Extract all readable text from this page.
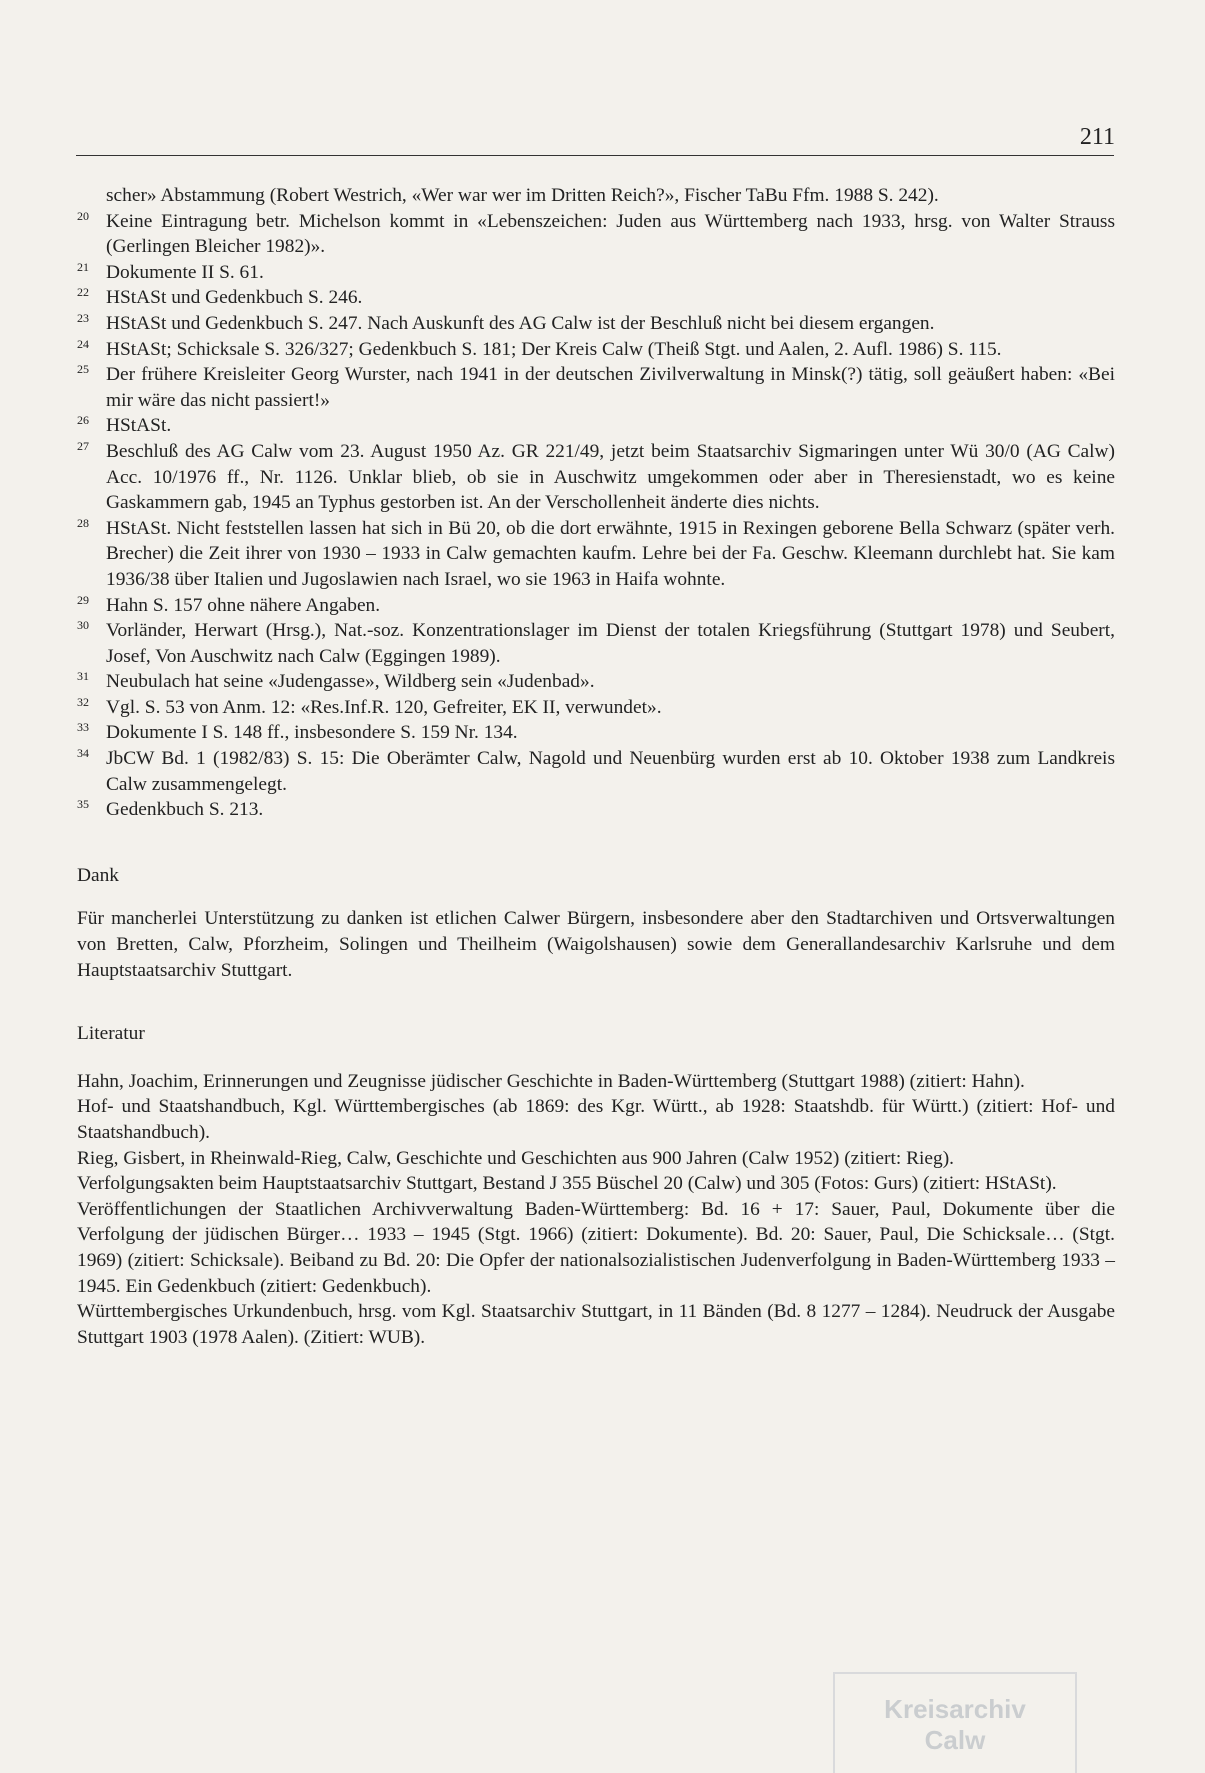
211
scher» Abstammung (Robert Westrich, «Wer war wer im Dritten Reich?», Fischer TaBu Ffm. 1988 S. 242).
20 Keine Eintragung betr. Michelson kommt in «Lebenszeichen: Juden aus Württemberg nach 1933, hrsg. von Walter Strauss (Gerlingen Bleicher 1982)».
21 Dokumente II S. 61.
22 HStASt und Gedenkbuch S. 246.
23 HStASt und Gedenkbuch S. 247. Nach Auskunft des AG Calw ist der Beschluß nicht bei diesem ergangen.
24 HStASt; Schicksale S. 326/327; Gedenkbuch S. 181; Der Kreis Calw (Theiß Stgt. und Aalen, 2. Aufl. 1986) S. 115.
25 Der frühere Kreisleiter Georg Wurster, nach 1941 in der deutschen Zivilverwaltung in Minsk(?) tätig, soll geäußert haben: «Bei mir wäre das nicht passiert!»
26 HStASt.
27 Beschluß des AG Calw vom 23. August 1950 Az. GR 221/49, jetzt beim Staatsarchiv Sigmaringen unter Wü 30/0 (AG Calw) Acc. 10/1976 ff., Nr. 1126. Unklar blieb, ob sie in Auschwitz umgekommen oder aber in Theresienstadt, wo es keine Gaskammern gab, 1945 an Typhus gestorben ist. An der Verschollenheit änderte dies nichts.
28 HStASt. Nicht feststellen lassen hat sich in Bü 20, ob die dort erwähnte, 1915 in Rexingen geborene Bella Schwarz (später verh. Brecher) die Zeit ihrer von 1930 – 1933 in Calw gemachten kaufm. Lehre bei der Fa. Geschw. Kleemann durchlebt hat. Sie kam 1936/38 über Italien und Jugoslawien nach Israel, wo sie 1963 in Haifa wohnte.
29 Hahn S. 157 ohne nähere Angaben.
30 Vorländer, Herwart (Hrsg.), Nat.-soz. Konzentrationslager im Dienst der totalen Kriegsführung (Stuttgart 1978) und Seubert, Josef, Von Auschwitz nach Calw (Eggingen 1989).
31 Neubulach hat seine «Judengasse», Wildberg sein «Judenbad».
32 Vgl. S. 53 von Anm. 12: «Res.Inf.R. 120, Gefreiter, EK II, verwundet».
33 Dokumente I S. 148 ff., insbesondere S. 159 Nr. 134.
34 JbCW Bd. 1 (1982/83) S. 15: Die Oberämter Calw, Nagold und Neuenbürg wurden erst ab 10. Oktober 1938 zum Landkreis Calw zusammengelegt.
35 Gedenkbuch S. 213.
Dank
Für mancherlei Unterstützung zu danken ist etlichen Calwer Bürgern, insbesondere aber den Stadtarchiven und Ortsverwaltungen von Bretten, Calw, Pforzheim, Solingen und Theilheim (Waigolshausen) sowie dem Generallandesarchiv Karlsruhe und dem Hauptstaatsarchiv Stuttgart.
Literatur
Hahn, Joachim, Erinnerungen und Zeugnisse jüdischer Geschichte in Baden-Württemberg (Stuttgart 1988) (zitiert: Hahn).
Hof- und Staatshandbuch, Kgl. Württembergisches (ab 1869: des Kgr. Württ., ab 1928: Staatshdb. für Württ.) (zitiert: Hof- und Staatshandbuch).
Rieg, Gisbert, in Rheinwald-Rieg, Calw, Geschichte und Geschichten aus 900 Jahren (Calw 1952) (zitiert: Rieg).
Verfolgungsakten beim Hauptstaatsarchiv Stuttgart, Bestand J 355 Büschel 20 (Calw) und 305 (Fotos: Gurs) (zitiert: HStASt).
Veröffentlichungen der Staatlichen Archivverwaltung Baden-Württemberg: Bd. 16 + 17: Sauer, Paul, Dokumente über die Verfolgung der jüdischen Bürger… 1933 – 1945 (Stgt. 1966) (zitiert: Dokumente). Bd. 20: Sauer, Paul, Die Schicksale… (Stgt. 1969) (zitiert: Schicksale). Beiband zu Bd. 20: Die Opfer der nationalsozialistischen Judenverfolgung in Baden-Württemberg 1933 – 1945. Ein Gedenkbuch (zitiert: Gedenkbuch).
Württembergisches Urkundenbuch, hrsg. vom Kgl. Staatsarchiv Stuttgart, in 11 Bänden (Bd. 8 1277 – 1284). Neudruck der Ausgabe Stuttgart 1903 (1978 Aalen). (Zitiert: WUB).
Kreisarchiv
Calw
